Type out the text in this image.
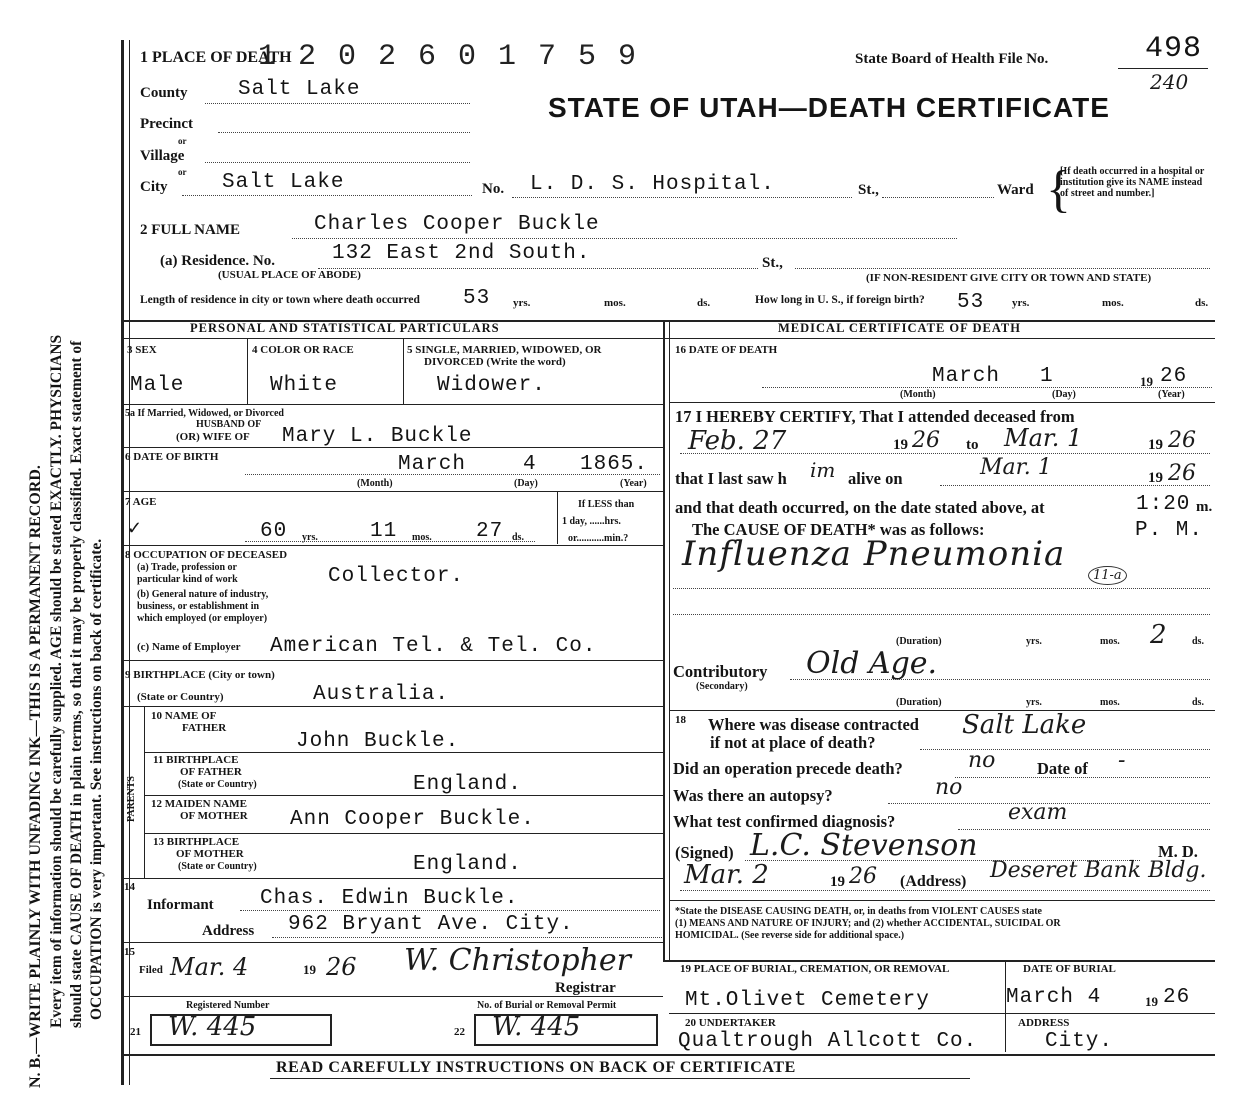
N. B.—WRITE PLAINLY WITH UNFADING INK—THIS IS A PERMANENT RECORD. Every item of information should be carefully supplied. AGE should be stated EXACTLY. PHYSICIANS should state CAUSE OF DEATH in plain terms, so that it may be properly classified. Exact statement of OCCUPATION is very important. See instructions on back of certificate.
1 PLACE OF DEATH
1 2 0 2 6 0 1 7 5 9	State Board of Health File No.	498
240
STATE OF UTAH—DEATH CERTIFICATE
County Salt Lake
Precinct
or
Village
or
City	Salt Lake	No. L. D. S. Hospital.	St.,	Ward
[If death occurred in a hospital or institution give its NAME instead of street and number.]
{
2 FULL NAME	Charles Cooper Buckle
(a) Residence. No.	132 East 2nd South.	St.,
(USUAL PLACE OF ABODE)	(IF NON-RESIDENT GIVE CITY OR TOWN AND STATE)
Length of residence in city or town where death occurred 53 yrs.	mos.	ds.	How long in U. S., if foreign birth? 53	yrs.	mos.	ds.
PERSONAL AND STATISTICAL PARTICULARS	MEDICAL CERTIFICATE OF DEATH
3 SEX
Male
4 COLOR OR RACE
White
5 SINGLE, MARRIED, WIDOWED, OR
DIVORCED (Write the word)
Widower.
5a If Married, Widowed, or Divorced
HUSBAND OF
(OR) WIFE OF Mary L. Buckle
6 DATE OF BIRTH	March	4 1865.
(Month)	(Day)	(Year)
7 AGE
✓	60 yrs. 11 mos. 27 ds.
If LESS than
1 day, ......hrs.
or...........min.?
8 OCCUPATION OF DECEASED
(a) Trade, profession or
particular kind of work	Collector.
(b) General nature of industry,
business, or establishment in
which employed (or employer)
(c) Name of Employer American Tel. & Tel. Co.
9 BIRTHPLACE (City or town)
(State or Country)	Australia.
PARENTS
10 NAME OF
FATHER
John Buckle.
11 BIRTHPLACE
OF FATHER
(State or Country)	England.
12 MAIDEN NAME
OF MOTHER Ann Cooper Buckle.
13 BIRTHPLACE
OF MOTHER
(State or Country)	England.
14
Informant Chas. Edwin Buckle.
Address 962 Bryant Ave. City.
15
Filed Mar. 4	19 26 W. Christopher
Registrar
Registered Number	No. of Burial or Removal Permit
21 W. 445	22 W. 445
16 DATE OF DEATH
March 1	19 26
(Month)	(Day)	(Year)
17 I HEREBY CERTIFY, That I attended deceased from
Feb. 27	19 26 to Mar. 1	19 26
that I last saw h im alive on	Mar. 1	19 26
and that death occurred, on the date stated above, at	1:20 m.
The CAUSE OF DEATH* was as follows:	P. M.
Influenza Pneumonia
11-a
(Duration)	yrs.	mos. 2	ds.
Contributory
(Secondary)
Old Age.
(Duration)	yrs.	mos.	ds.
18 Where was disease contracted
if not at place of death?
Salt Lake
Did an operation precede death?	no	Date of -
Was there an autopsy?	no
What test confirmed diagnosis?	exam
(Signed) L.C. Stevenson	M. D.
Mar. 2	19 26 (Address) Deseret Bank Bldg.
*State the DISEASE CAUSING DEATH, or, in deaths from VIOLENT CAUSES state
(1) MEANS AND NATURE OF INJURY; and (2) whether ACCIDENTAL, SUICIDAL OR
HOMICIDAL. (See reverse side for additional space.)
19 PLACE OF BURIAL, CREMATION, OR REMOVAL
Mt.Olivet Cemetery
DATE OF BURIAL
March 4	19 26
20 UNDERTAKER
Qualtrough Allcott Co.
ADDRESS
City.
READ CAREFULLY INSTRUCTIONS ON BACK OF CERTIFICATE
